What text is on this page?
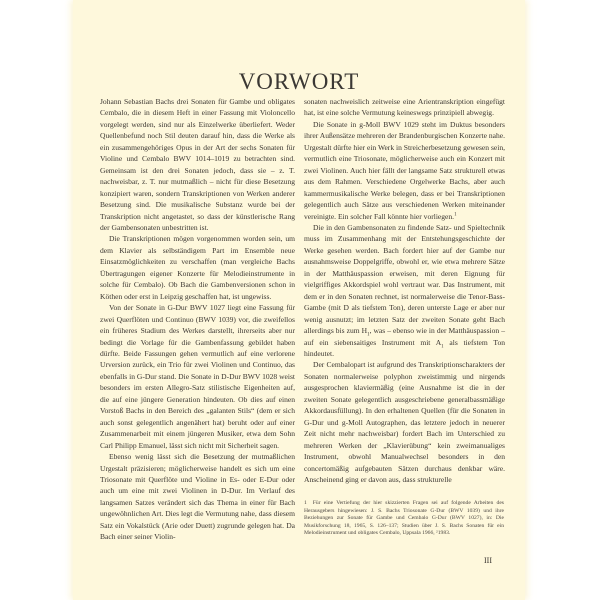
VORWORT

Johann Sebastian Bachs drei Sonaten für Gambe und obligates Cembalo, die in diesem Heft in einer Fassung mit Violoncello vorgelegt werden, sind nur als Einzelwerke überliefert. Weder Quellenbefund noch Stil deuten darauf hin, dass die Werke als ein zusammengehöriges Opus in der Art der sechs Sonaten für Violine und Cembalo BWV 1014–1019 zu betrachten sind. Gemeinsam ist den drei Sonaten jedoch, dass sie – z. T. nachweisbar, z. T. nur mutmaßlich – nicht für diese Besetzung konzipiert waren, sondern Transkriptionen von Werken anderer Besetzung sind. Die musikalische Substanz wurde bei der Transkription nicht angetastet, so dass der künstlerische Rang der Gambensonaten unbestritten ist.

Die Transkriptionen mögen vorgenommen worden sein, um dem Klavier als selbständigem Part im Ensemble neue Einsatzmöglichkeiten zu verschaffen (man vergleiche Bachs Übertragungen eigener Konzerte für Melodieinstrumente in solche für Cembalo). Ob Bach die Gambenversionen schon in Köthen oder erst in Leipzig geschaffen hat, ist ungewiss.

Von der Sonate in G-Dur BWV 1027 liegt eine Fassung für zwei Querflöten und Continuo (BWV 1039) vor, die zweifellos ein früheres Stadium des Werkes darstellt, ihrerseits aber nur bedingt die Vorlage für die Gambenfassung gebildet haben dürfte. Beide Fassungen gehen vermutlich auf eine verlorene Urversion zurück, ein Trio für zwei Violinen und Continuo, das ebenfalls in G-Dur stand. Die Sonate in D-Dur BWV 1028 weist besonders im ersten Allegro-Satz stilistische Eigenheiten auf, die auf eine jüngere Generation hindeuten. Ob dies auf einen Vorstoß Bachs in den Bereich des „galanten Stils“ (dem er sich auch sonst gelegentlich angenähert hat) beruht oder auf einer Zusammenarbeit mit einem jüngeren Musiker, etwa dem Sohn Carl Philipp Emanuel, lässt sich nicht mit Sicherheit sagen.

Ebenso wenig lässt sich die Besetzung der mutmaßlichen Urgestalt präzisieren; möglicherweise handelt es sich um eine Triosonate mit Querflöte und Violine in Es- oder E-Dur oder auch um eine mit zwei Violinen in D-Dur. Im Verlauf des langsamen Satzes verändert sich das Thema in einer für Bach ungewöhnlichen Art. Dies legt die Vermutung nahe, dass diesem Satz ein Vokalstück (Arie oder Duett) zugrunde gelegen hat. Da Bach einer seiner Violin-

sonaten nachweislich zeitweise eine Arientranskription eingefügt hat, ist eine solche Vermutung keineswegs prinzipiell abwegig.

Die Sonate in g-Moll BWV 1029 steht im Duktus besonders ihrer Außensätze mehreren der Brandenburgischen Konzerte nahe. Urgestalt dürfte hier ein Werk in Streicherbesetzung gewesen sein, vermutlich eine Triosonate, möglicherweise auch ein Konzert mit zwei Violinen. Auch hier fällt der langsame Satz strukturell etwas aus dem Rahmen. Verschiedene Orgelwerke Bachs, aber auch kammermusikalische Werke belegen, dass er bei Transkriptionen gelegentlich auch Sätze aus verschiedenen Werken miteinander vereinigte. Ein solcher Fall könnte hier vorliegen.$^1$

Die in den Gambensonaten zu findende Satz- und Spieltechnik muss im Zusammenhang mit der Entstehungsgeschichte der Werke gesehen werden. Bach fordert hier auf der Gambe nur ausnahmsweise Doppelgriffe, obwohl er, wie etwa mehrere Sätze in der Matthäuspassion erweisen, mit deren Eignung für vielgriffiges Akkordspiel wohl vertraut war. Das Instrument, mit dem er in den Sonaten rechnet, ist normalerweise die Tenor-Bass-Gambe (mit D als tiefstem Ton), deren unterste Lage er aber nur wenig ausnutzt; im letzten Satz der zweiten Sonate geht Bach allerdings bis zum $H_1$, was – ebenso wie in der Matthäuspassion – auf ein siebensaitiges Instrument mit $A_1$ als tiefstem Ton hindeutet.

Der Cembalopart ist aufgrund des Transkriptionscharakters der Sonaten normalerweise polyphon zweistimmig und nirgends ausgesprochen klaviermäßig (eine Ausnahme ist die in der zweiten Sonate gelegentlich ausgeschriebene generalbassmäßige Akkordausfüllung). In den erhaltenen Quellen (für die Sonaten in G-Dur und g-Moll Autographen, das letztere jedoch in neuerer Zeit nicht mehr nachweisbar) fordert Bach im Unterschied zu mehreren Werken der „Klavierübung“ kein zweimanualiges Instrument, obwohl Manualwechsel besonders in den concertomäßig aufgebauten Sätzen durchaus denkbar wäre. Anscheinend ging er davon aus, dass strukturelle

1 Für eine Vertiefung der hier skizzierten Fragen sei auf folgende Arbeiten des Herausgebers hingewiesen: J. S. Bachs Triosonate G-Dur (BWV 1039) und ihre Beziehungen zur Sonate für Gambe und Cembalo G-Dur (BWV 1027), in: Die Musikforschung 18, 1965, S. 126–137; Studien über J. S. Bachs Sonaten für ein Melodieinstrument und obligates Cembalo, Uppsala 1966, ²1983.
III
